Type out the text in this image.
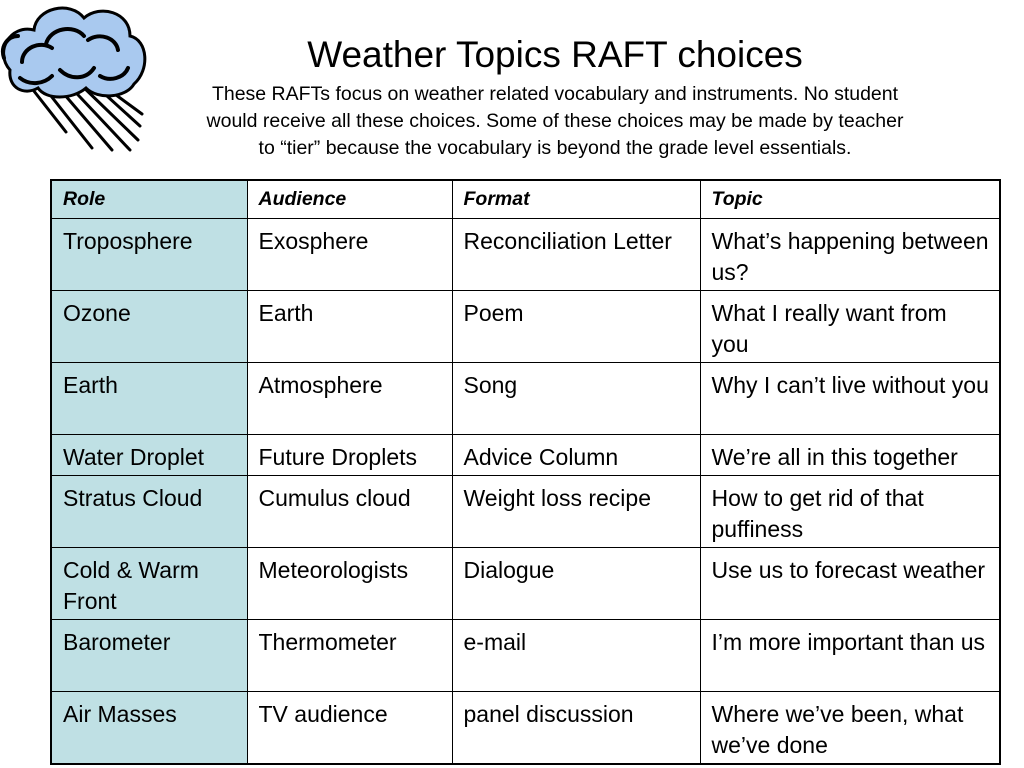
Weather Topics RAFT choices
These RAFTs focus on weather related vocabulary and instruments. No student
would receive all these choices. Some of these choices may be made by teacher
to “tier” because the vocabulary is beyond the grade level essentials.
Role	Audience	Format	Topic
Troposphere	Exosphere	Reconciliation Letter	What’s happening between us?
Ozone	Earth	Poem	What I really want from you
Earth	Atmosphere	Song	Why I can’t live without you
Water Droplet	Future Droplets	Advice Column	We’re all in this together
Stratus Cloud	Cumulus cloud	Weight loss recipe	How to get rid of that puffiness
Cold & Warm Front	Meteorologists	Dialogue	Use us to forecast weather
Barometer	Thermometer	e-mail	I’m more important than us
Air Masses	TV audience	panel discussion	Where we’ve been, what we’ve done
